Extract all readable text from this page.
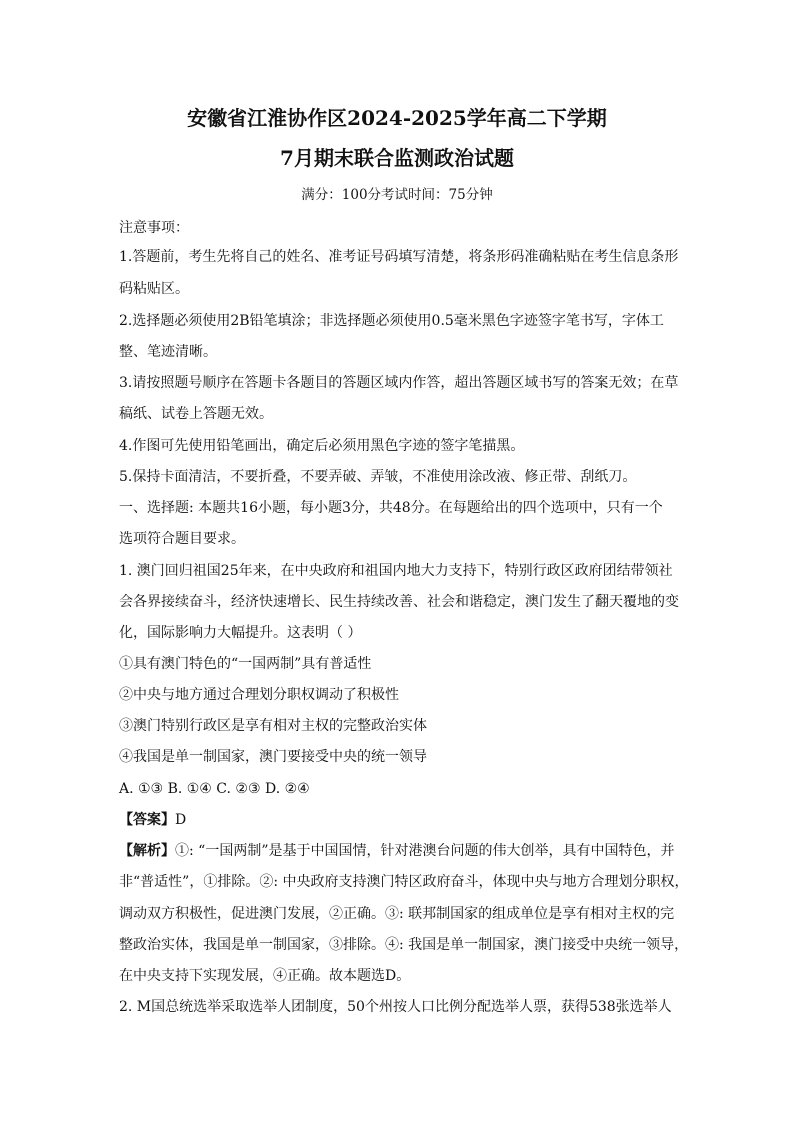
安徽省江淮协作区2024-2025学年高二下学期
7月期末联合监测政治试题
满分：100分考试时间：75分钟
注意事项：
1.答题前，考生先将自己的姓名、准考证号码填写清楚，将条形码准确粘贴在考生信息条形
码粘贴区。
2.选择题必须使用2B铅笔填涂；非选择题必须使用0.5毫米黑色字迹签字笔书写，字体工
整、笔迹清晰。
3.请按照题号顺序在答题卡各题目的答题区域内作答，超出答题区域书写的答案无效；在草
稿纸、试卷上答题无效。
4.作图可先使用铅笔画出，确定后必须用黑色字迹的签字笔描黑。
5.保持卡面清洁，不要折叠，不要弄破、弄皱，不准使用涂改液、修正带、刮纸刀。
一、选择题: 本题共16小题，每小题3分，共48分。在每题给出的四个选项中，只有一个
选项符合题目要求。
1. 澳门回归祖国25年来，在中央政府和祖国内地大力支持下，特别行政区政府团结带领社
会各界接续奋斗，经济快速增长、民生持续改善、社会和谐稳定，澳门发生了翻天覆地的变
化，国际影响力大幅提升。这表明（ ）
①具有澳门特色的“一国两制”具有普适性
②中央与地方通过合理划分职权调动了积极性
③澳门特别行政区是享有相对主权的完整政治实体
④我国是单一制国家，澳门要接受中央的统一领导
A. ①③ B. ①④ C. ②③ D. ②④
【答案】D
【解析】①: “一国两制”是基于中国国情，针对港澳台问题的伟大创举，具有中国特色，并
非“普适性”，①排除。②: 中央政府支持澳门特区政府奋斗，体现中央与地方合理划分职权，
调动双方积极性，促进澳门发展，②正确。③: 联邦制国家的组成单位是享有相对主权的完
整政治实体，我国是单一制国家，③排除。④: 我国是单一制国家，澳门接受中央统一领导，
在中央支持下实现发展，④正确。故本题选D。
2. M国总统选举采取选举人团制度，50个州按人口比例分配选举人票，获得538张选举人
